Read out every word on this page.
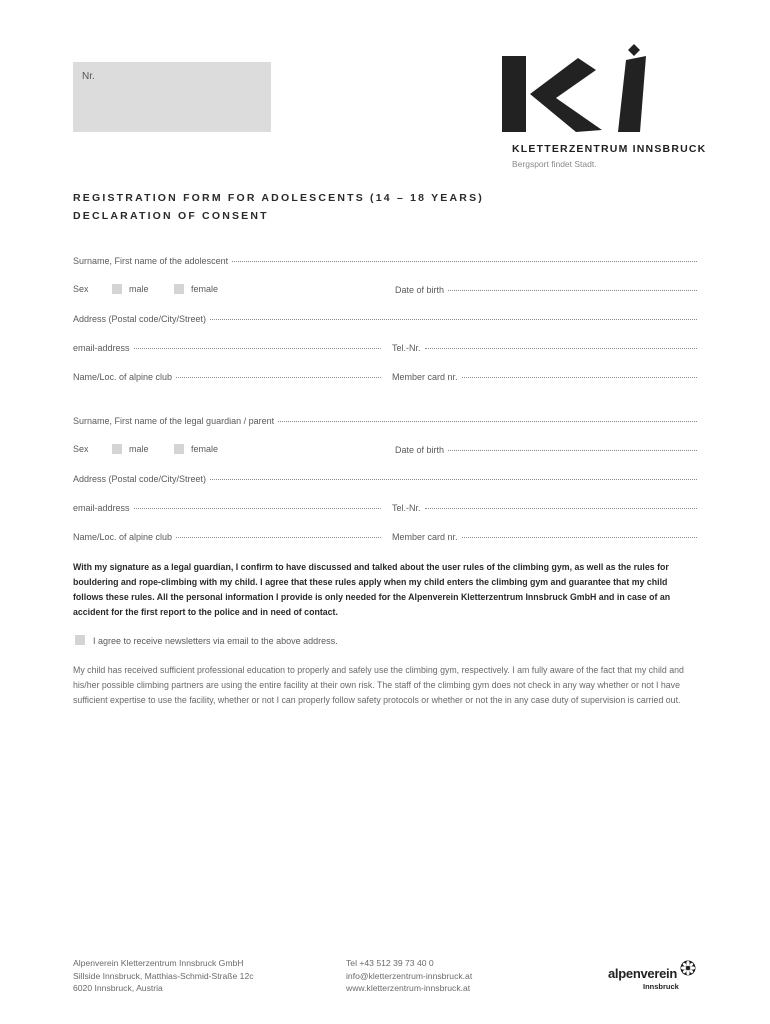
Nr.
KLETTERZENTRUM INNSBRUCK
Bergsport findet Stadt.
REGISTRATION FORM FOR ADOLESCENTS (14 – 18 YEARS)
DECLARATION OF CONSENT
Surname, First name of the adolescent
Sex	male	female	Date of birth
Address (Postal code/City/Street)
email-address	Tel.-Nr.
Name/Loc. of alpine club	Member card nr.
Surname, First name of the legal guardian / parent
Sex	male	female	Date of birth
Address (Postal code/City/Street)
email-address	Tel.-Nr.
Name/Loc. of alpine club	Member card nr.
With my signature as a legal guardian, I confirm to have discussed and talked about the user rules of the climbing gym, as well as the rules for bouldering and rope-climbing with my child. I agree that these rules apply when my child enters the climbing gym and guarantee that my child follows these rules. All the personal information I provide is only needed for the Alpenverein Kletterzentrum Innsbruck GmbH and in case of an accident for the first report to the police and in need of contact.
I agree to receive newsletters via email to the above address.
My child has received sufficient professional education to properly and safely use the climbing gym, respectively. I am fully aware of the fact that my child and his/her possible climbing partners are using the entire facility at their own risk. The staff of the climbing gym does not check in any way whether or not I have sufficient expertise to use the facility, whether or not I can properly follow safety protocols or whether or not the in any case duty of supervision is carried out.
Alpenverein Kletterzentrum Innsbruck GmbH
Sillside Innsbruck, Matthias-Schmid-Straße 12c
6020 Innsbruck, Austria
Tel +43 512 39 73 40 0
info@kletterzentrum-innsbruck.at
www.kletterzentrum-innsbruck.at
alpenverein
Innsbruck
